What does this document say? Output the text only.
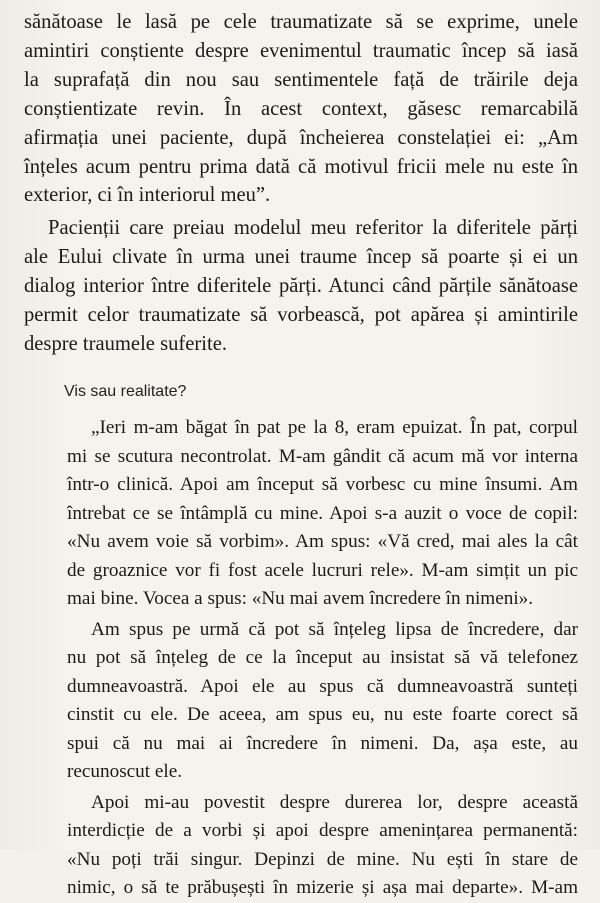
sănătoase le lasă pe cele traumatizate să se exprime, unele
amintiri conștiente despre evenimentul traumatic încep să iasă
la suprafață din nou sau sentimentele față de trăirile deja
conștientizate revin. În acest context, găsesc remarcabilă
afirmația unei paciente, după încheierea constelației ei: „Am
înțeles acum pentru prima dată că motivul fricii mele nu este în
exterior, ci în interiorul meu”.
Pacienții care preiau modelul meu referitor la diferitele părți
ale Eului clivate în urma unei traume încep să poarte și ei un
dialog interior între diferitele părți. Atunci când părțile sănătoase
permit celor traumatizate să vorbească, pot apărea și amintirile
despre traumele suferite.
Vis sau realitate?
„Ieri m-am băgat în pat pe la 8, eram epuizat. În pat, corpul
mi se scutura necontrolat. M-am gândit că acum mă vor interna
într-o clinică. Apoi am început să vorbesc cu mine însumi. Am
întrebat ce se întâmplă cu mine. Apoi s-a auzit o voce de copil:
«Nu avem voie să vorbim». Am spus: «Vă cred, mai ales la cât
de groaznice vor fi fost acele lucruri rele». M-am simțit un pic
mai bine. Vocea a spus: «Nu mai avem încredere în nimeni».
Am spus pe urmă că pot să înțeleg lipsa de încredere, dar
nu pot să înțeleg de ce la început au insistat să vă telefonez
dumneavoastră. Apoi ele au spus că dumneavoastră sunteți
cinstit cu ele. De aceea, am spus eu, nu este foarte corect să
spui că nu mai ai încredere în nimeni. Da, așa este, au
recunoscut ele.
Apoi mi-au povestit despre durerea lor, despre această
interdicție de a vorbi și apoi despre amenințarea permanentă:
«Nu poți trăi singur. Depinzi de mine. Nu ești în stare de
nimic, o să te prăbușești în mizerie și așa mai departe». M-am
